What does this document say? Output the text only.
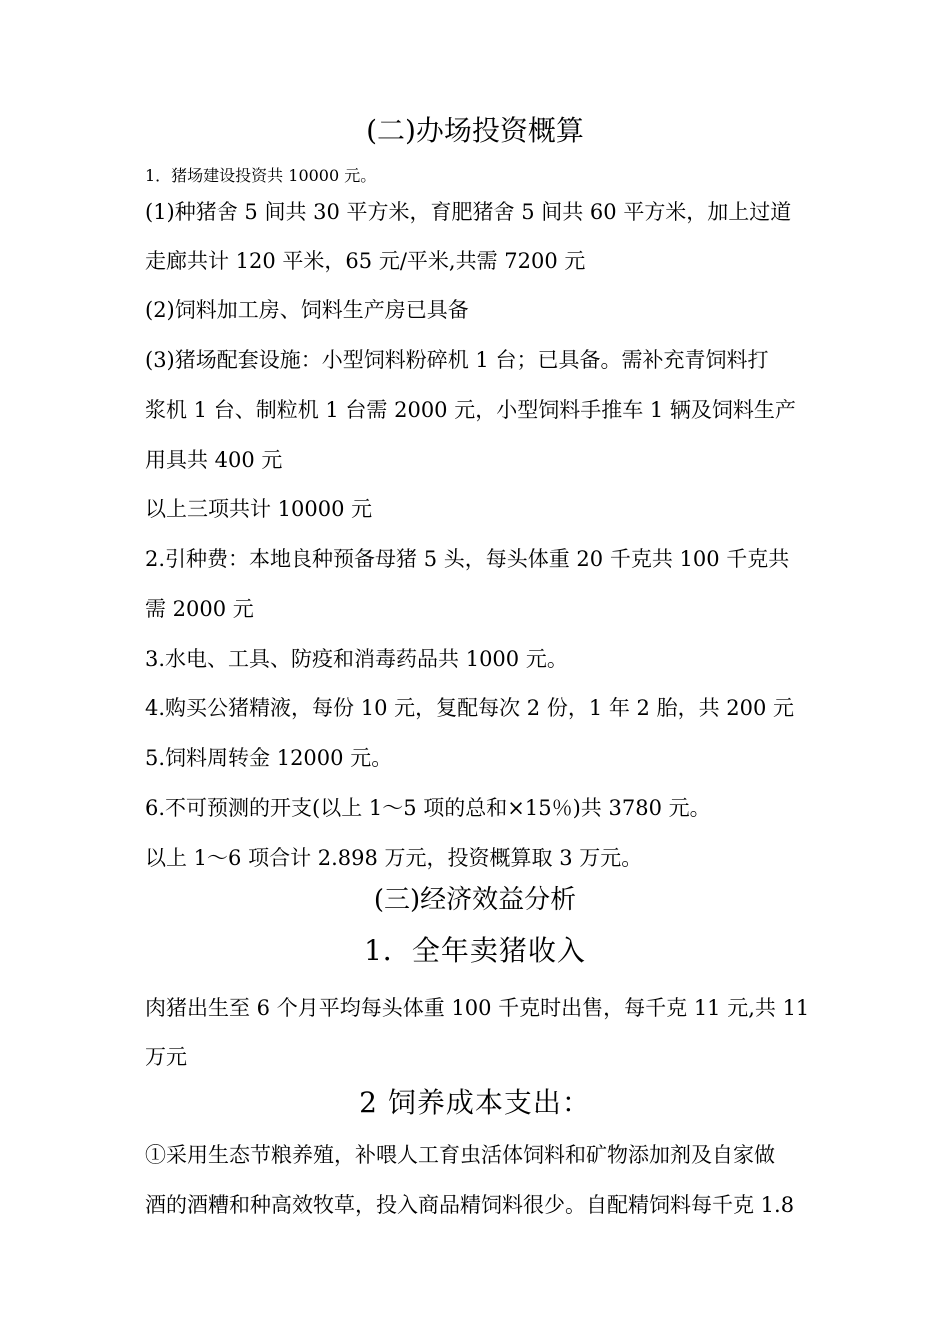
(二)办场投资概算
1．猪场建设投资共 10000 元。
(1)种猪舍 5 间共 30 平方米，育肥猪舍 5 间共 60 平方米，加上过道
走廊共计 120 平米，65 元/平米,共需 7200 元
(2)饲料加工房、饲料生产房已具备
(3)猪场配套设施：小型饲料粉碎机 1 台；已具备。需补充青饲料打
浆机 1 台、制粒机 1 台需 2000 元，小型饲料手推车 1 辆及饲料生产
用具共 400 元
以上三项共计 10000 元
2.引种费：本地良种预备母猪 5 头，每头体重 20 千克共 100 千克共
需 2000 元
3.水电、工具、防疫和消毒药品共 1000 元。
4.购买公猪精液，每份 10 元，复配每次 2 份，1 年 2 胎，共 200 元
5.饲料周转金 12000 元。
6.不可预测的开支(以上 1～5 项的总和×15％)共 3780 元。
以上 1～6 项合计 2.898 万元，投资概算取 3 万元。
(三)经济效益分析
1．全年卖猪收入
肉猪出生至 6 个月平均每头体重 100 千克时出售，每千克 11 元,共 11
万元
2 饲养成本支出：
①采用生态节粮养殖，补喂人工育虫活体饲料和矿物添加剂及自家做
酒的酒糟和种高效牧草，投入商品精饲料很少。自配精饲料每千克 1.8
